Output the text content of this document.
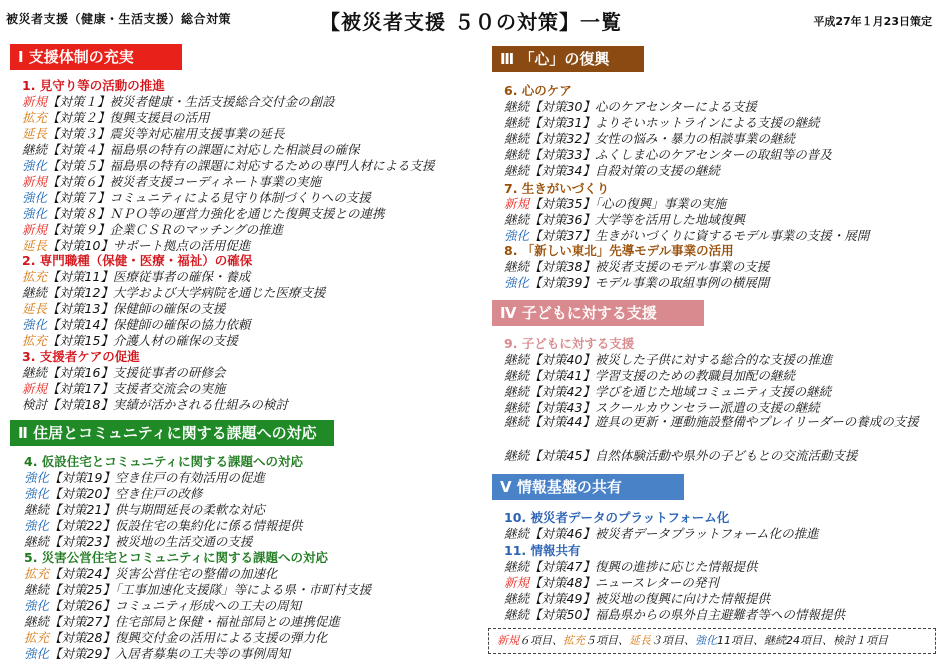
被災者支援（健康・生活支援）総合対策	【被災者支援 ５０の対策】一覧	平成27年１月23日策定
Ⅰ 支援体制の充実
Ⅱ 住居とコミュニティに関する課題への対応
Ⅲ 「心」の復興
Ⅳ 子どもに対する支援
Ⅴ 情報基盤の共有
1. 見守り等の活動の推進
2. 専門職種（保健・医療・福祉）の確保
3. 支援者ケアの促進
4. 仮設住宅とコミュニティに関する課題への対応
5. 災害公営住宅とコミュニティに関する課題への対応
6. 心のケア
7. 生きがいづくり
8. 「新しい東北」先導モデル事業の活用
9. 子どもに対する支援
10. 被災者データのプラットフォーム化
11. 情報共有
新規【対策１】被災者健康・生活支援総合交付金の創設
拡充【対策２】復興支援員の活用
延長【対策３】震災等対応雇用支援事業の延長
継続【対策４】福島県の特有の課題に対応した相談員の確保
強化【対策５】福島県の特有の課題に対応するための専門人材による支援
新規【対策６】被災者支援コーディネート事業の実施
強化【対策７】コミュニティによる見守り体制づくりへの支援
強化【対策８】ＮＰＯ等の運営力強化を通じた復興支援との連携
新規【対策９】企業ＣＳＲのマッチングの推進
延長【対策10】サポート拠点の活用促進
拡充【対策11】医療従事者の確保・養成
継続【対策12】大学および大学病院を通じた医療支援
延長【対策13】保健師の確保の支援
強化【対策14】保健師の確保の協力依頼
拡充【対策15】介護人材の確保の支援
継続【対策16】支援従事者の研修会
新規【対策17】支援者交流会の実施
検討【対策18】実績が活かされる仕組みの検討
強化【対策19】空き住戸の有効活用の促進
強化【対策20】空き住戸の改修
継続【対策21】供与期間延長の柔軟な対応
強化【対策22】仮設住宅の集約化に係る情報提供
継続【対策23】被災地の生活交通の支援
拡充【対策24】災害公営住宅の整備の加速化
継続【対策25】「工事加速化支援隊」等による県・市町村支援
強化【対策26】コミュニティ形成への工夫の周知
継続【対策27】住宅部局と保健・福祉部局との連携促進
拡充【対策28】復興交付金の活用による支援の弾力化
強化【対策29】入居者募集の工夫等の事例周知
継続【対策30】心のケアセンターによる支援
継続【対策31】よりそいホットラインによる支援の継続
継続【対策32】女性の悩み・暴力の相談事業の継続
継続【対策33】ふくしま心のケアセンターの取組等の普及
継続【対策34】自殺対策の支援の継続
新規【対策35】「心の復興」事業の実施
継続【対策36】大学等を活用した地域復興
強化【対策37】生きがいづくりに資するモデル事業の支援・展開
継続【対策38】被災者支援のモデル事業の支援
強化【対策39】モデル事業の取組事例の横展開
継続【対策40】被災した子供に対する総合的な支援の推進
継続【対策41】学習支援のための教職員加配の継続
継続【対策42】学びを通じた地域コミュニティ支援の継続
継続【対策43】スクールカウンセラー派遣の支援の継続
継続【対策44】遊具の更新・運動施設整備やプレイリーダーの養成の支援
継続【対策45】自然体験活動や県外の子どもとの交流活動支援
継続【対策46】被災者データプラットフォーム化の推進
継続【対策47】復興の進捗に応じた情報提供
新規【対策48】ニュースレターの発刊
継続【対策49】被災地の復興に向けた情報提供
継続【対策50】福島県からの県外自主避難者等への情報提供
新規６項目、拡充５項目、延長３項目、強化11項目、継続24項目、検討１項目
